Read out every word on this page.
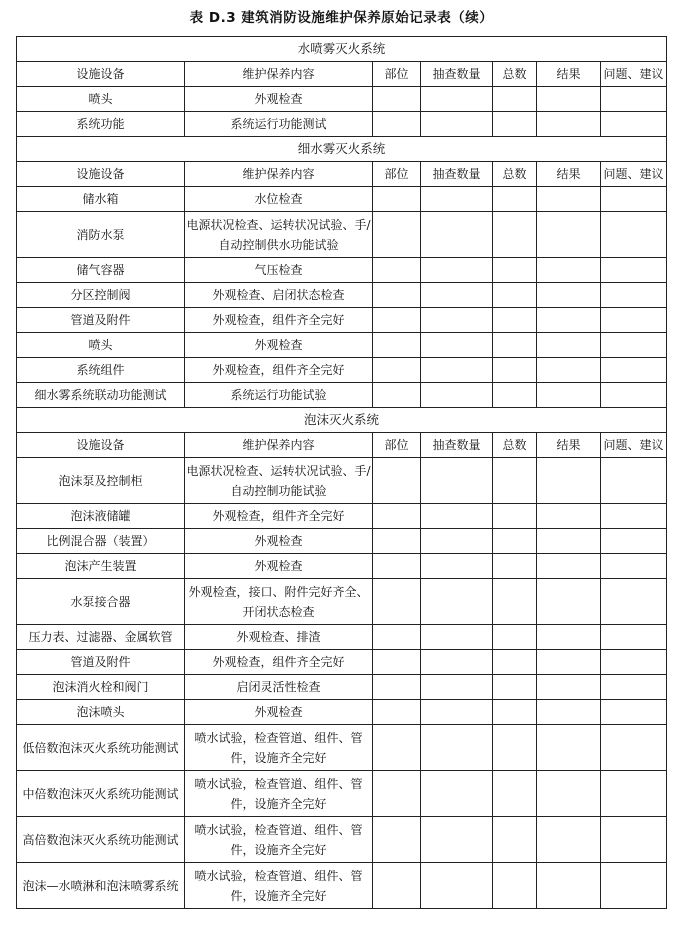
表 D.3 建筑消防设施维护保养原始记录表（续）
水喷雾灭火系统						
设施设备	维护保养内容	部位	抽查数量	总数	结果	问题、建议
喷头	外观检查					
系统功能	系统运行功能测试					
细水雾灭火系统						
设施设备	维护保养内容	部位	抽查数量	总数	结果	问题、建议
储水箱	水位检查					
消防水泵	电源状况检查、运转状况试验、手/自动控制供水功能试验					
储气容器	气压检查					
分区控制阀	外观检查、启闭状态检查					
管道及附件	外观检查，组件齐全完好					
喷头	外观检查					
系统组件	外观检查，组件齐全完好					
细水雾系统联动功能测试	系统运行功能试验					
泡沫灭火系统						
设施设备	维护保养内容	部位	抽查数量	总数	结果	问题、建议
泡沫泵及控制柜	电源状况检查、运转状况试验、手/自动控制功能试验					
泡沫液储罐	外观检查，组件齐全完好					
比例混合器（装置）	外观检查					
泡沫产生装置	外观检查					
水泵接合器	外观检查，接口、附件完好齐全、开闭状态检查					
压力表、过滤器、金属软管	外观检查、排渣					
管道及附件	外观检查，组件齐全完好					
泡沫消火栓和阀门	启闭灵活性检查					
泡沫喷头	外观检查					
低倍数泡沫灭火系统功能测试	喷水试验，检查管道、组件、管件，设施齐全完好					
中倍数泡沫灭火系统功能测试	喷水试验，检查管道、组件、管件，设施齐全完好					
高倍数泡沫灭火系统功能测试	喷水试验，检查管道、组件、管件，设施齐全完好					
泡沫—水喷淋和泡沫喷雾系统	喷水试验，检查管道、组件、管件，设施齐全完好					
